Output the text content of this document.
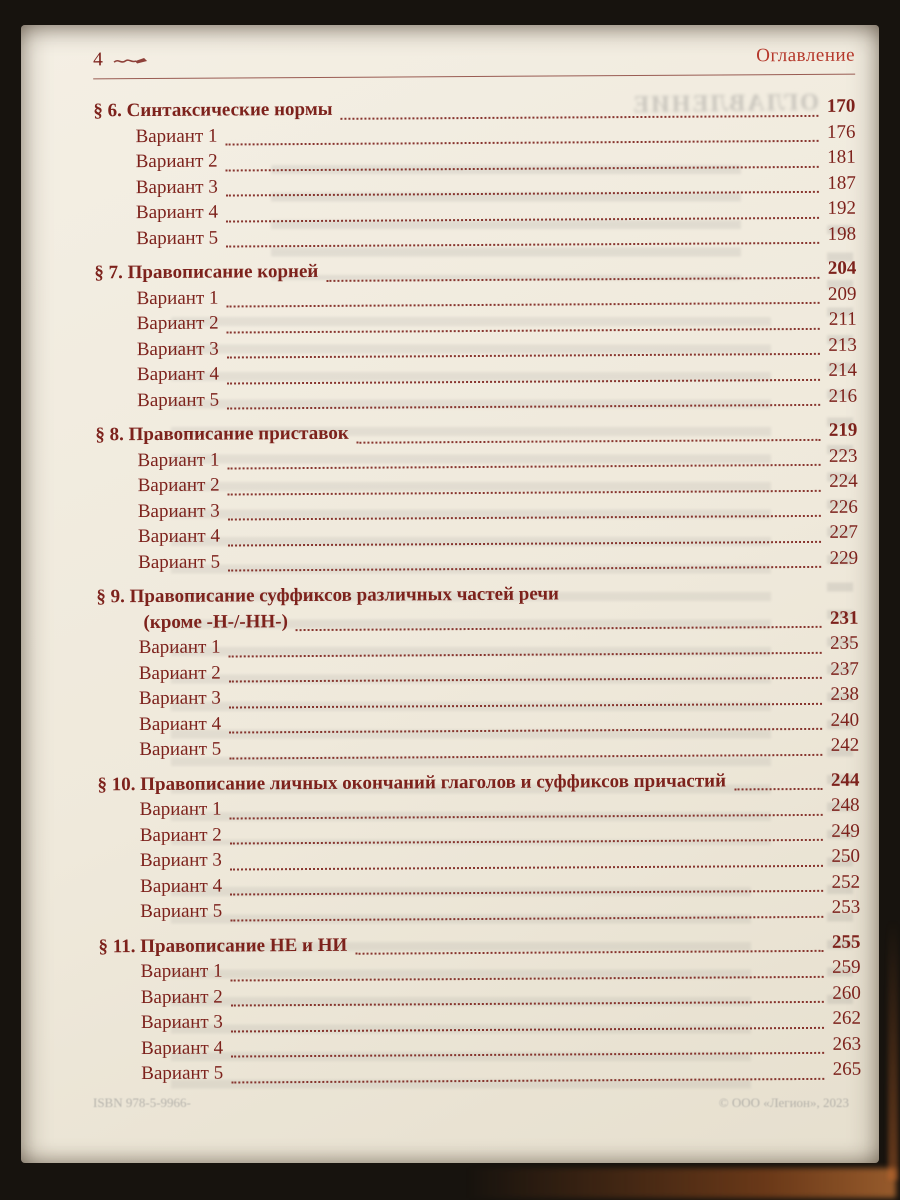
ОГЛАВЛЕНИЕ
ISBN 978-5-9966-	© ООО «Легион», 2023
4	Оглавление
§ 6. Синтаксические нормы	170
Вариант 1	176
Вариант 2	181
Вариант 3	187
Вариант 4	192
Вариант 5	198
§ 7. Правописание корней	204
Вариант 1	209
Вариант 2	211
Вариант 3	213
Вариант 4	214
Вариант 5	216
§ 8. Правописание приставок	219
Вариант 1	223
Вариант 2	224
Вариант 3	226
Вариант 4	227
Вариант 5	229
§ 9. Правописание суффиксов различных частей речи
(кроме -Н-/-НН-)	231
Вариант 1	235
Вариант 2	237
Вариант 3	238
Вариант 4	240
Вариант 5	242
§ 10. Правописание личных окончаний глаголов и суффиксов причастий	244
Вариант 1	248
Вариант 2	249
Вариант 3	250
Вариант 4	252
Вариант 5	253
§ 11. Правописание НЕ и НИ	255
Вариант 1	259
Вариант 2	260
Вариант 3	262
Вариант 4	263
Вариант 5	265
